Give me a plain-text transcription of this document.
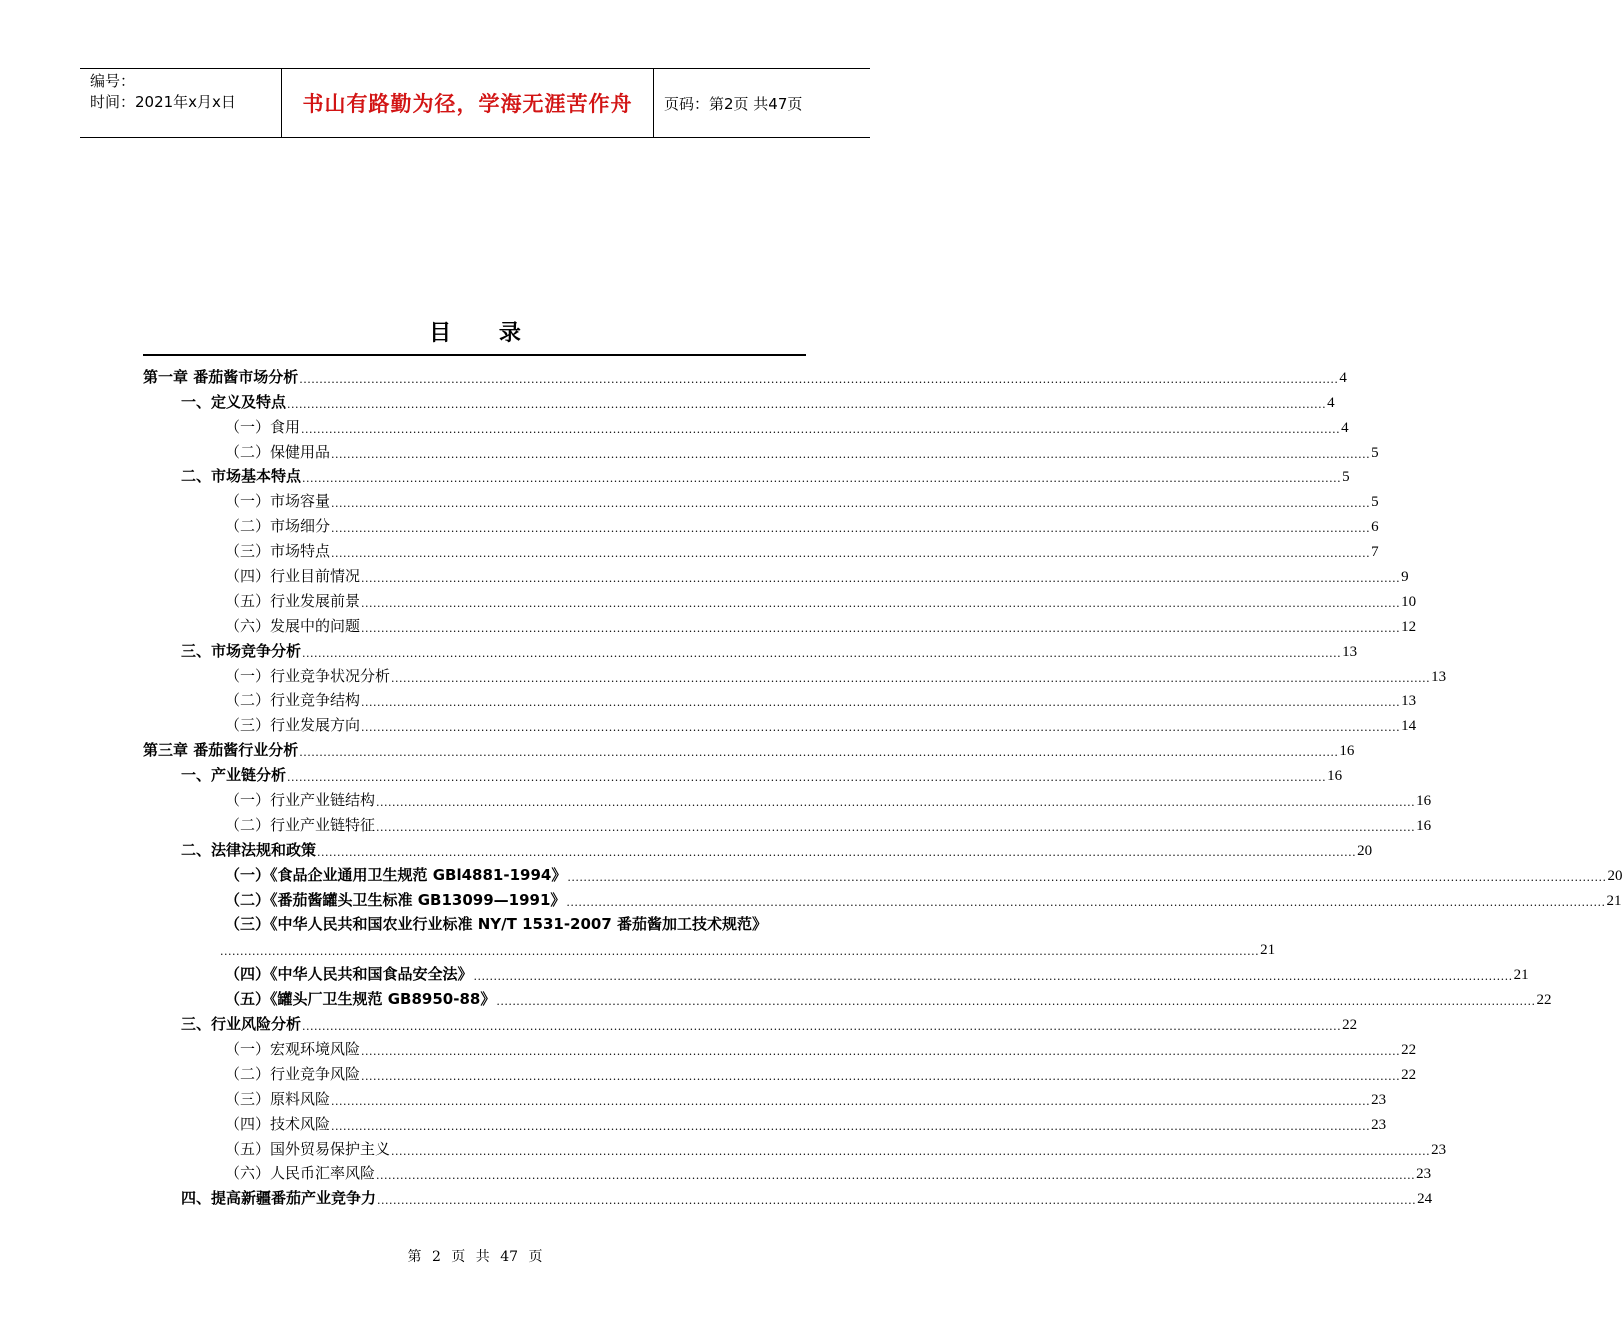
编号：
时间：2021年x月x日	书山有路勤为径，学海无涯苦作舟	页码：第2页 共47页
目 录
第一章 番茄酱市场分析 .................................................................................................................................................................................................................................................................... 4
一、定义及特点 .................................................................................................................................................................................................................................................................... 4
（一）食用 .................................................................................................................................................................................................................................................................... 4
（二）保健用品 .................................................................................................................................................................................................................................................................... 5
二、市场基本特点 .................................................................................................................................................................................................................................................................... 5
（一）市场容量 .................................................................................................................................................................................................................................................................... 5
（二）市场细分 .................................................................................................................................................................................................................................................................... 6
（三）市场特点 .................................................................................................................................................................................................................................................................... 7
（四）行业目前情况 .................................................................................................................................................................................................................................................................... 9
（五）行业发展前景 .................................................................................................................................................................................................................................................................... 10
（六）发展中的问题 .................................................................................................................................................................................................................................................................... 12
三、市场竞争分析 .................................................................................................................................................................................................................................................................... 13
（一）行业竞争状况分析 .................................................................................................................................................................................................................................................................... 13
（二）行业竞争结构 .................................................................................................................................................................................................................................................................... 13
（三）行业发展方向 .................................................................................................................................................................................................................................................................... 14
第三章 番茄酱行业分析 .................................................................................................................................................................................................................................................................... 16
一、产业链分析 .................................................................................................................................................................................................................................................................... 16
（一）行业产业链结构 .................................................................................................................................................................................................................................................................... 16
（二）行业产业链特征 .................................................................................................................................................................................................................................................................... 16
二、法律法规和政策 .................................................................................................................................................................................................................................................................... 20
（一）《食品企业通用卫生规范 GBl4881-1994》 .................................................................................................................................................................................................................................................................... 20
（二）《番茄酱罐头卫生标准 GB13099—1991》 .................................................................................................................................................................................................................................................................... 21
（三）《中华人民共和国农业行业标准 NY/T 1531-2007 番茄酱加工技术规范》
.................................................................................................................................................................................................................................................................... 21
（四）《中华人民共和国食品安全法》 .................................................................................................................................................................................................................................................................... 21
（五）《罐头厂卫生规范 GB8950-88》 .................................................................................................................................................................................................................................................................... 22
三、行业风险分析 .................................................................................................................................................................................................................................................................... 22
（一）宏观环境风险 .................................................................................................................................................................................................................................................................... 22
（二）行业竞争风险 .................................................................................................................................................................................................................................................................... 22
（三）原料风险 .................................................................................................................................................................................................................................................................... 23
（四）技术风险 .................................................................................................................................................................................................................................................................... 23
（五）国外贸易保护主义 .................................................................................................................................................................................................................................................................... 23
（六）人民币汇率风险 .................................................................................................................................................................................................................................................................... 23
四、提高新疆番茄产业竞争力 .................................................................................................................................................................................................................................................................... 24
第 2 页 共 47 页
